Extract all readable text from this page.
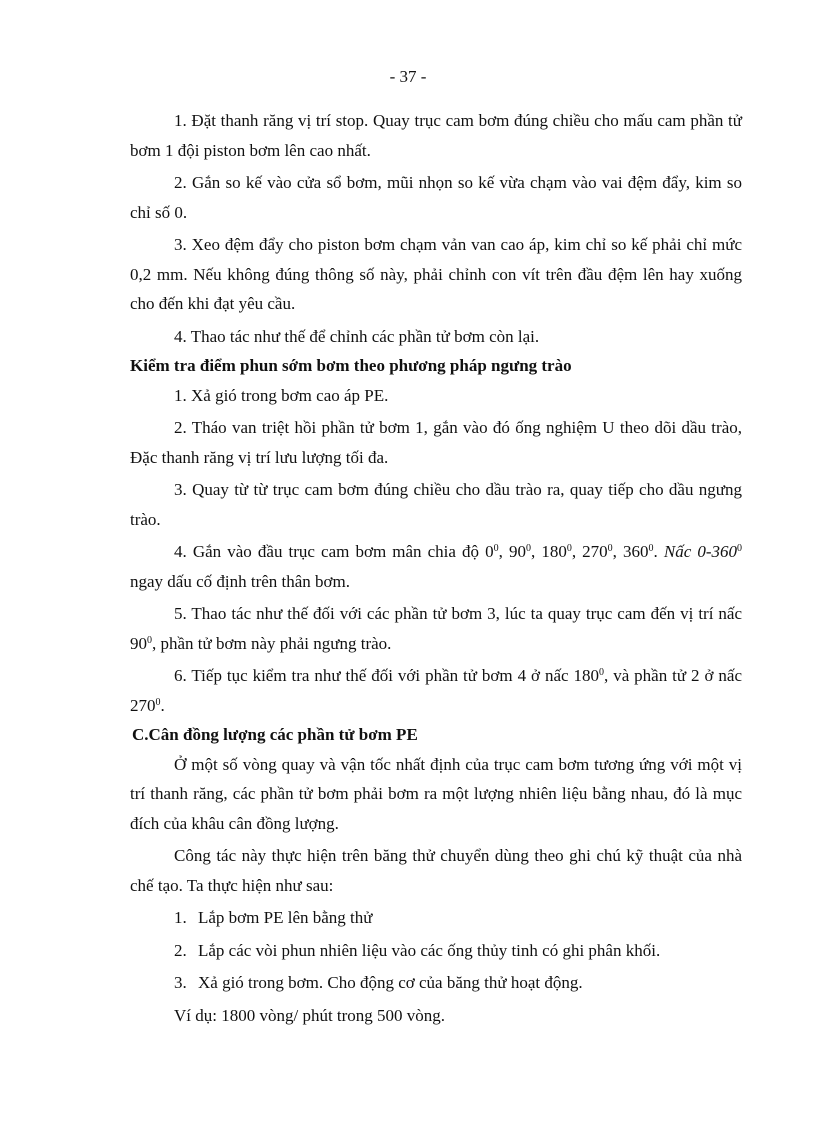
- 37 -

1. Đặt thanh răng vị trí stop. Quay trục cam bơm đúng chiều cho mấu cam phần tử bơm 1 đội piston bơm lên cao nhất.

2. Gắn so kế vào cửa sổ bơm, mũi nhọn so kế vừa chạm vào vai đệm đẩy, kim so chỉ số 0.

3. Xeo đệm đẩy cho piston bơm chạm vản van cao áp, kim chỉ so kế phải chỉ mức 0,2 mm. Nếu không đúng thông số này, phải chỉnh con vít trên đầu đệm lên hay xuống cho đến khi đạt yêu cầu.

4. Thao tác như thế để chỉnh các phần tử bơm còn lại.

Kiểm tra điểm phun sớm bơm theo phương pháp ngưng trào

1. Xả gió trong bơm cao áp PE.

2. Tháo van triệt hồi phần tử bơm 1, gắn vào đó ống nghiệm U theo dõi dầu trào, Đặc thanh răng vị trí lưu lượng tối đa.

3. Quay từ từ trục cam bơm đúng chiều cho dầu trào ra, quay tiếp cho dầu ngưng trào.

4. Gắn vào đầu trục cam bơm mân chia độ $0^0$, $90^0$, $180^0$, $270^0$, $360^0$. Nấc $0-360^0$ ngay dấu cố định trên thân bơm.

5. Thao tác như thế đối với các phần tử bơm 3, lúc ta quay trục cam đến vị trí nấc $90^0$, phần tử bơm này phải ngưng trào.

6. Tiếp tục kiểm tra như thế đối với phần tử bơm 4 ở nấc $180^0$, và phần tử 2 ở nấc $270^0$.

C.Cân đồng lượng các phần tử bơm PE

Ở một số vòng quay và vận tốc nhất định của trục cam bơm tương ứng với một vị trí thanh răng, các phần tử bơm phải bơm ra một lượng nhiên liệu bằng nhau, đó là mục đích của khâu cân đồng lượng.

Công tác này thực hiện trên băng thử chuyển dùng theo ghi chú kỹ thuật của nhà chế tạo. Ta thực hiện như sau:

1. Lắp bơm PE lên bằng thử

2. Lắp các vòi phun nhiên liệu vào các ống thủy tinh có ghi phân khối.

3. Xả gió trong bơm. Cho động cơ của băng thử hoạt động.

Ví dụ: 1800 vòng/ phút trong 500 vòng.
